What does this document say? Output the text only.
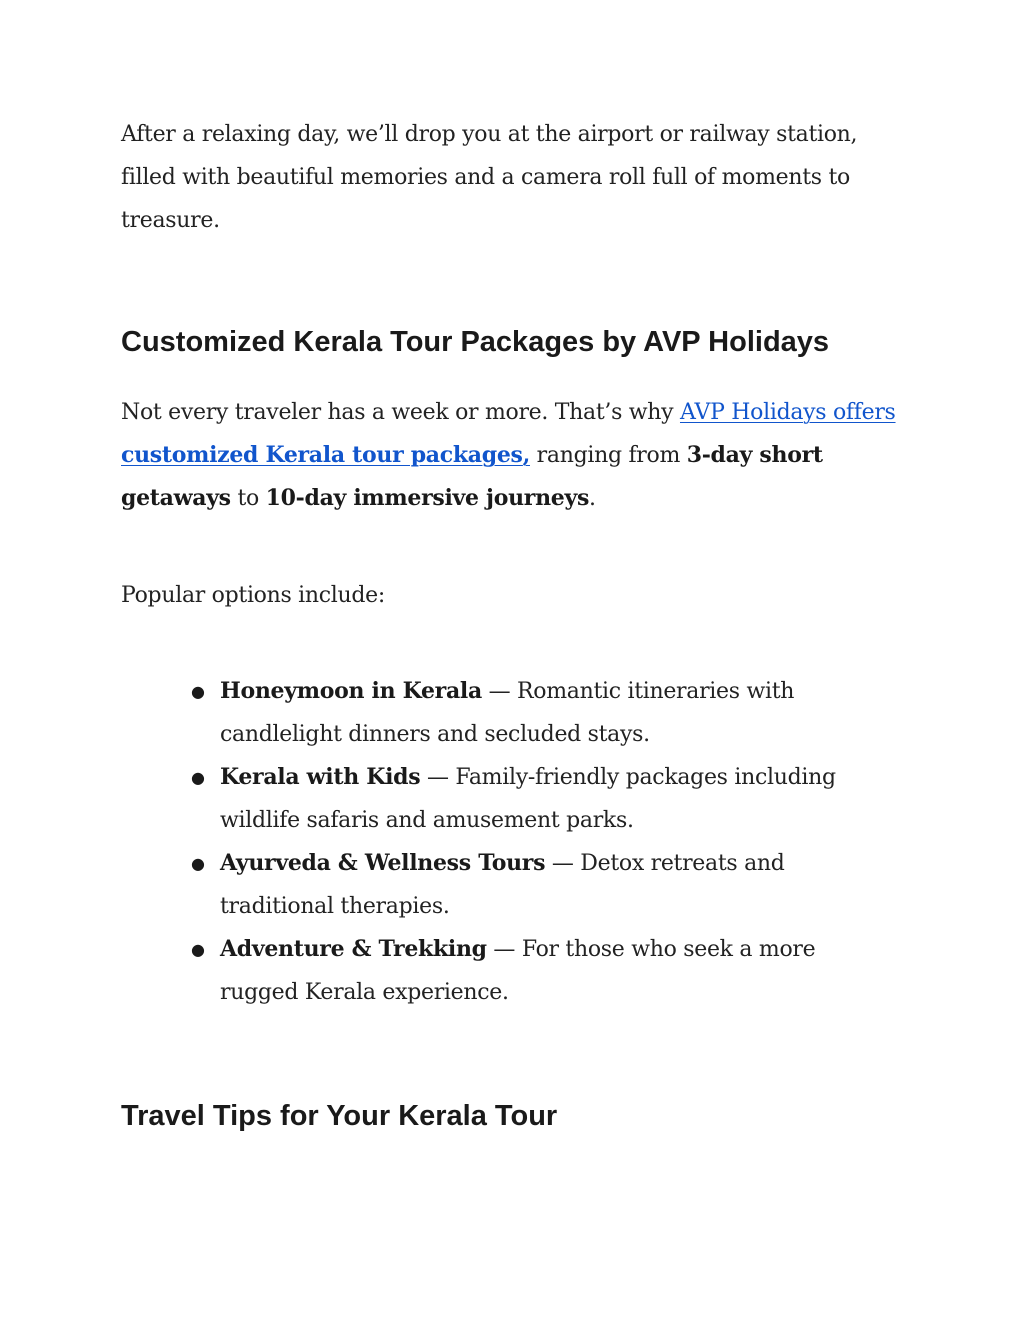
After a relaxing day, we’ll drop you at the airport or railway station, filled with beautiful memories and a camera roll full of moments to treasure.

Customized Kerala Tour Packages by AVP Holidays

Not every traveler has a week or more. That’s why AVP Holidays offers customized Kerala tour packages, ranging from 3-day short getaways to 10-day immersive journeys.

Popular options include:

● Honeymoon in Kerala — Romantic itineraries with candlelight dinners and secluded stays.
● Kerala with Kids — Family-friendly packages including wildlife safaris and amusement parks.
● Ayurveda & Wellness Tours — Detox retreats and traditional therapies.
● Adventure & Trekking — For those who seek a more rugged Kerala experience.
Travel Tips for Your Kerala Tour
